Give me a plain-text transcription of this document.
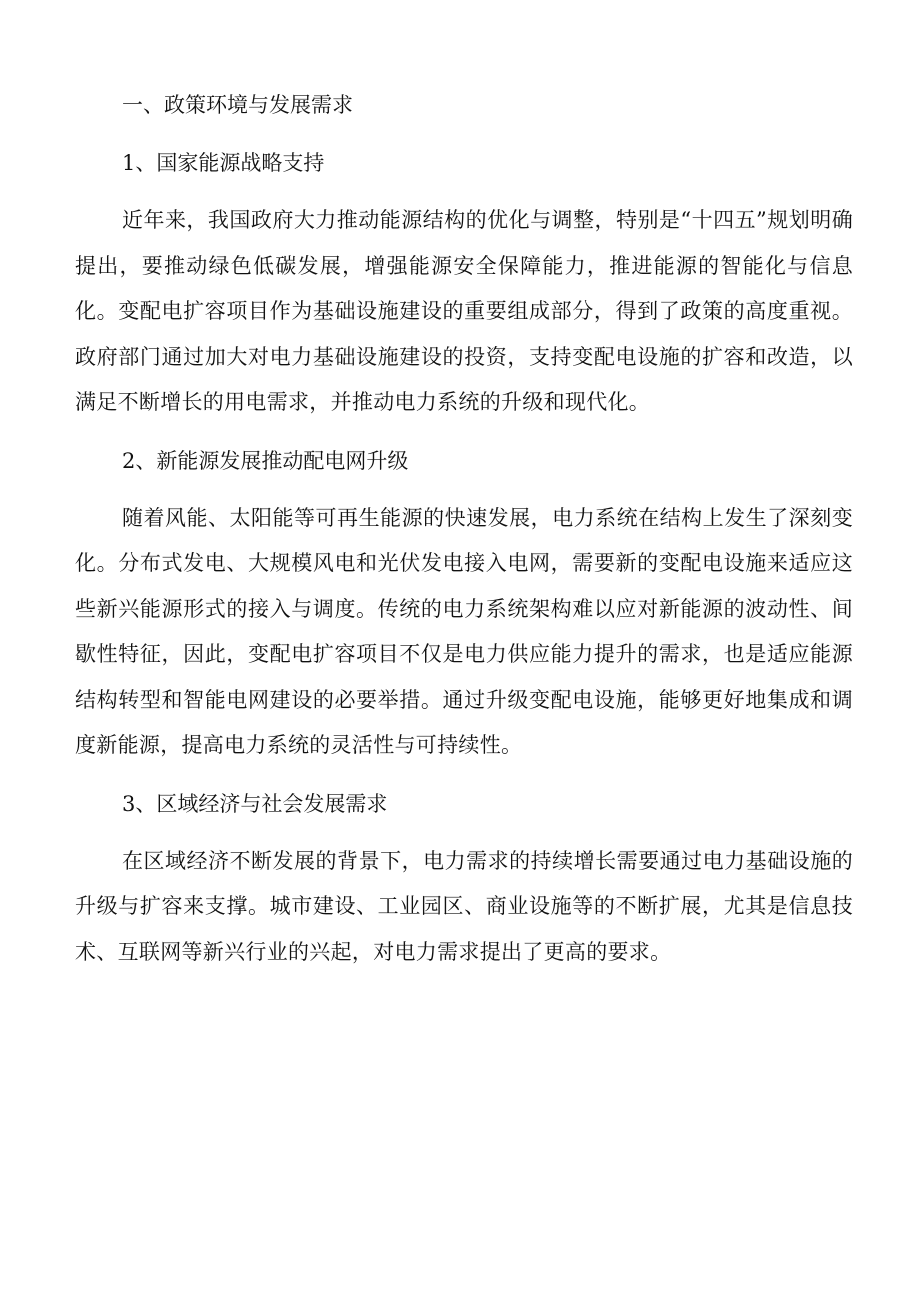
一、政策环境与发展需求
1、国家能源战略支持

近年来，我国政府大力推动能源结构的优化与调整，特别是“十四五”规划明确提出，要推动绿色低碳发展，增强能源安全保障能力，推进能源的智能化与信息化。变配电扩容项目作为基础设施建设的重要组成部分，得到了政策的高度重视。政府部门通过加大对电力基础设施建设的投资，支持变配电设施的扩容和改造，以满足不断增长的用电需求，并推动电力系统的升级和现代化。

2、新能源发展推动配电网升级

随着风能、太阳能等可再生能源的快速发展，电力系统在结构上发生了深刻变化。分布式发电、大规模风电和光伏发电接入电网，需要新的变配电设施来适应这些新兴能源形式的接入与调度。传统的电力系统架构难以应对新能源的波动性、间歇性特征，因此，变配电扩容项目不仅是电力供应能力提升的需求，也是适应能源结构转型和智能电网建设的必要举措。通过升级变配电设施，能够更好地集成和调度新能源，提高电力系统的灵活性与可持续性。

3、区域经济与社会发展需求

在区域经济不断发展的背景下，电力需求的持续增长需要通过电力基础设施的升级与扩容来支撑。城市建设、工业园区、商业设施等的不断扩展，尤其是信息技术、互联网等新兴行业的兴起，对电力需求提出了更高的要求。
